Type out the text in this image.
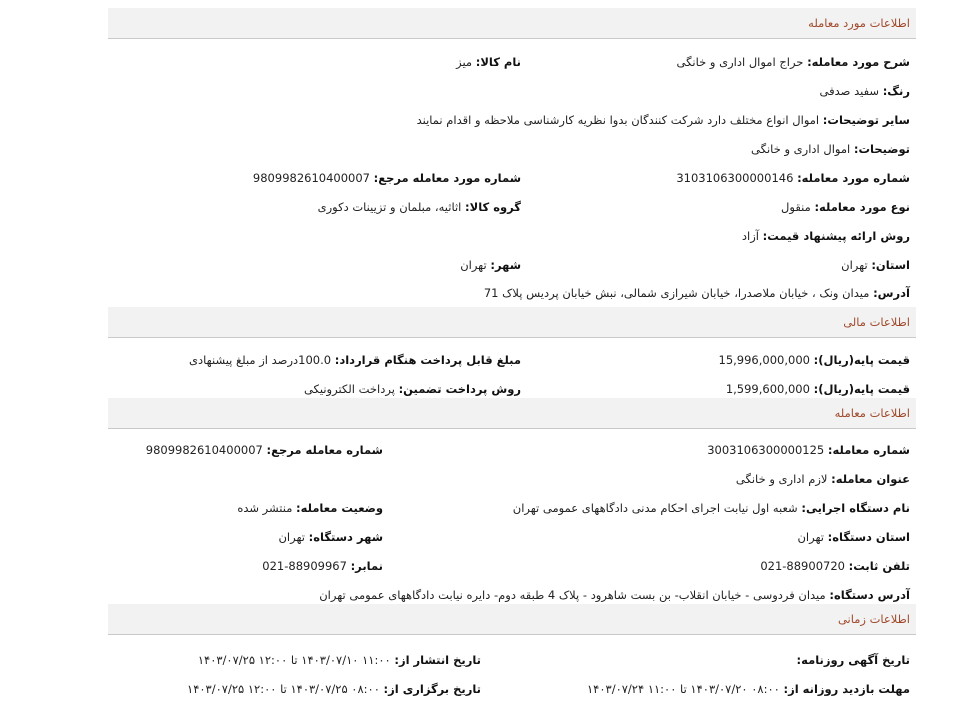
اطلاعات مورد معامله
شرح مورد معامله: حراج اموال اداری و خانگی
نام کالا: میز
رنگ: سفید صدفی
سایر توضیحات: اموال انواع مختلف دارد شرکت کنندگان بدوا نظریه کارشناسی ملاحظه و اقدام نمایند
توضیحات: اموال اداری و خانگی
شماره مورد معامله: 3103106300000146
شماره مورد معامله مرجع: 9809982610400007
نوع مورد معامله: منقول
گروه کالا: اثاثیه، مبلمان و تزیینات دکوری
روش ارائه پیشنهاد قیمت: آزاد
استان: تهران
شهر: تهران
آدرس: میدان ونک ، خیابان ملاصدرا، خیابان شیرازی شمالی، نبش خیابان پردیس پلاک 71
اطلاعات مالی
قیمت پایه(ریال): 15,996,000,000
مبلغ قابل پرداخت هنگام قرارداد: 100.0درصد از مبلغ پیشنهادی
قیمت پایه(ریال): 1,599,600,000
روش پرداخت تضمین: پرداخت الکترونیکی
اطلاعات معامله
شماره معامله: 3003106300000125
شماره معامله مرجع: 9809982610400007
عنوان معامله: لازم اداری و خانگی
نام دستگاه اجرایی: شعبه اول نیابت اجرای احکام مدنی دادگاههای عمومی تهران
وضعیت معامله: منتشر شده
استان دستگاه: تهران
شهر دستگاه: تهران
تلفن ثابت: 88900720-021
نمابر: 88909967-021
آدرس دستگاه: میدان فردوسی - خیابان انقلاب- بن بست شاهرود - پلاک 4 طبقه دوم- دایره نیابت دادگاههای عمومی تهران
اطلاعات زمانی
تاریخ آگهی روزنامه:
تاریخ انتشار از: ۱۱:۰۰ ۱۴۰۳/۰۷/۱۰ تا ۱۲:۰۰ ۱۴۰۳/۰۷/۲۵
مهلت بازدید روزانه از: ۰۸:۰۰ ۱۴۰۳/۰۷/۲۰ تا ۱۱:۰۰ ۱۴۰۳/۰۷/۲۴
تاریخ برگزاری از: ۰۸:۰۰ ۱۴۰۳/۰۷/۲۵ تا ۱۲:۰۰ ۱۴۰۳/۰۷/۲۵
